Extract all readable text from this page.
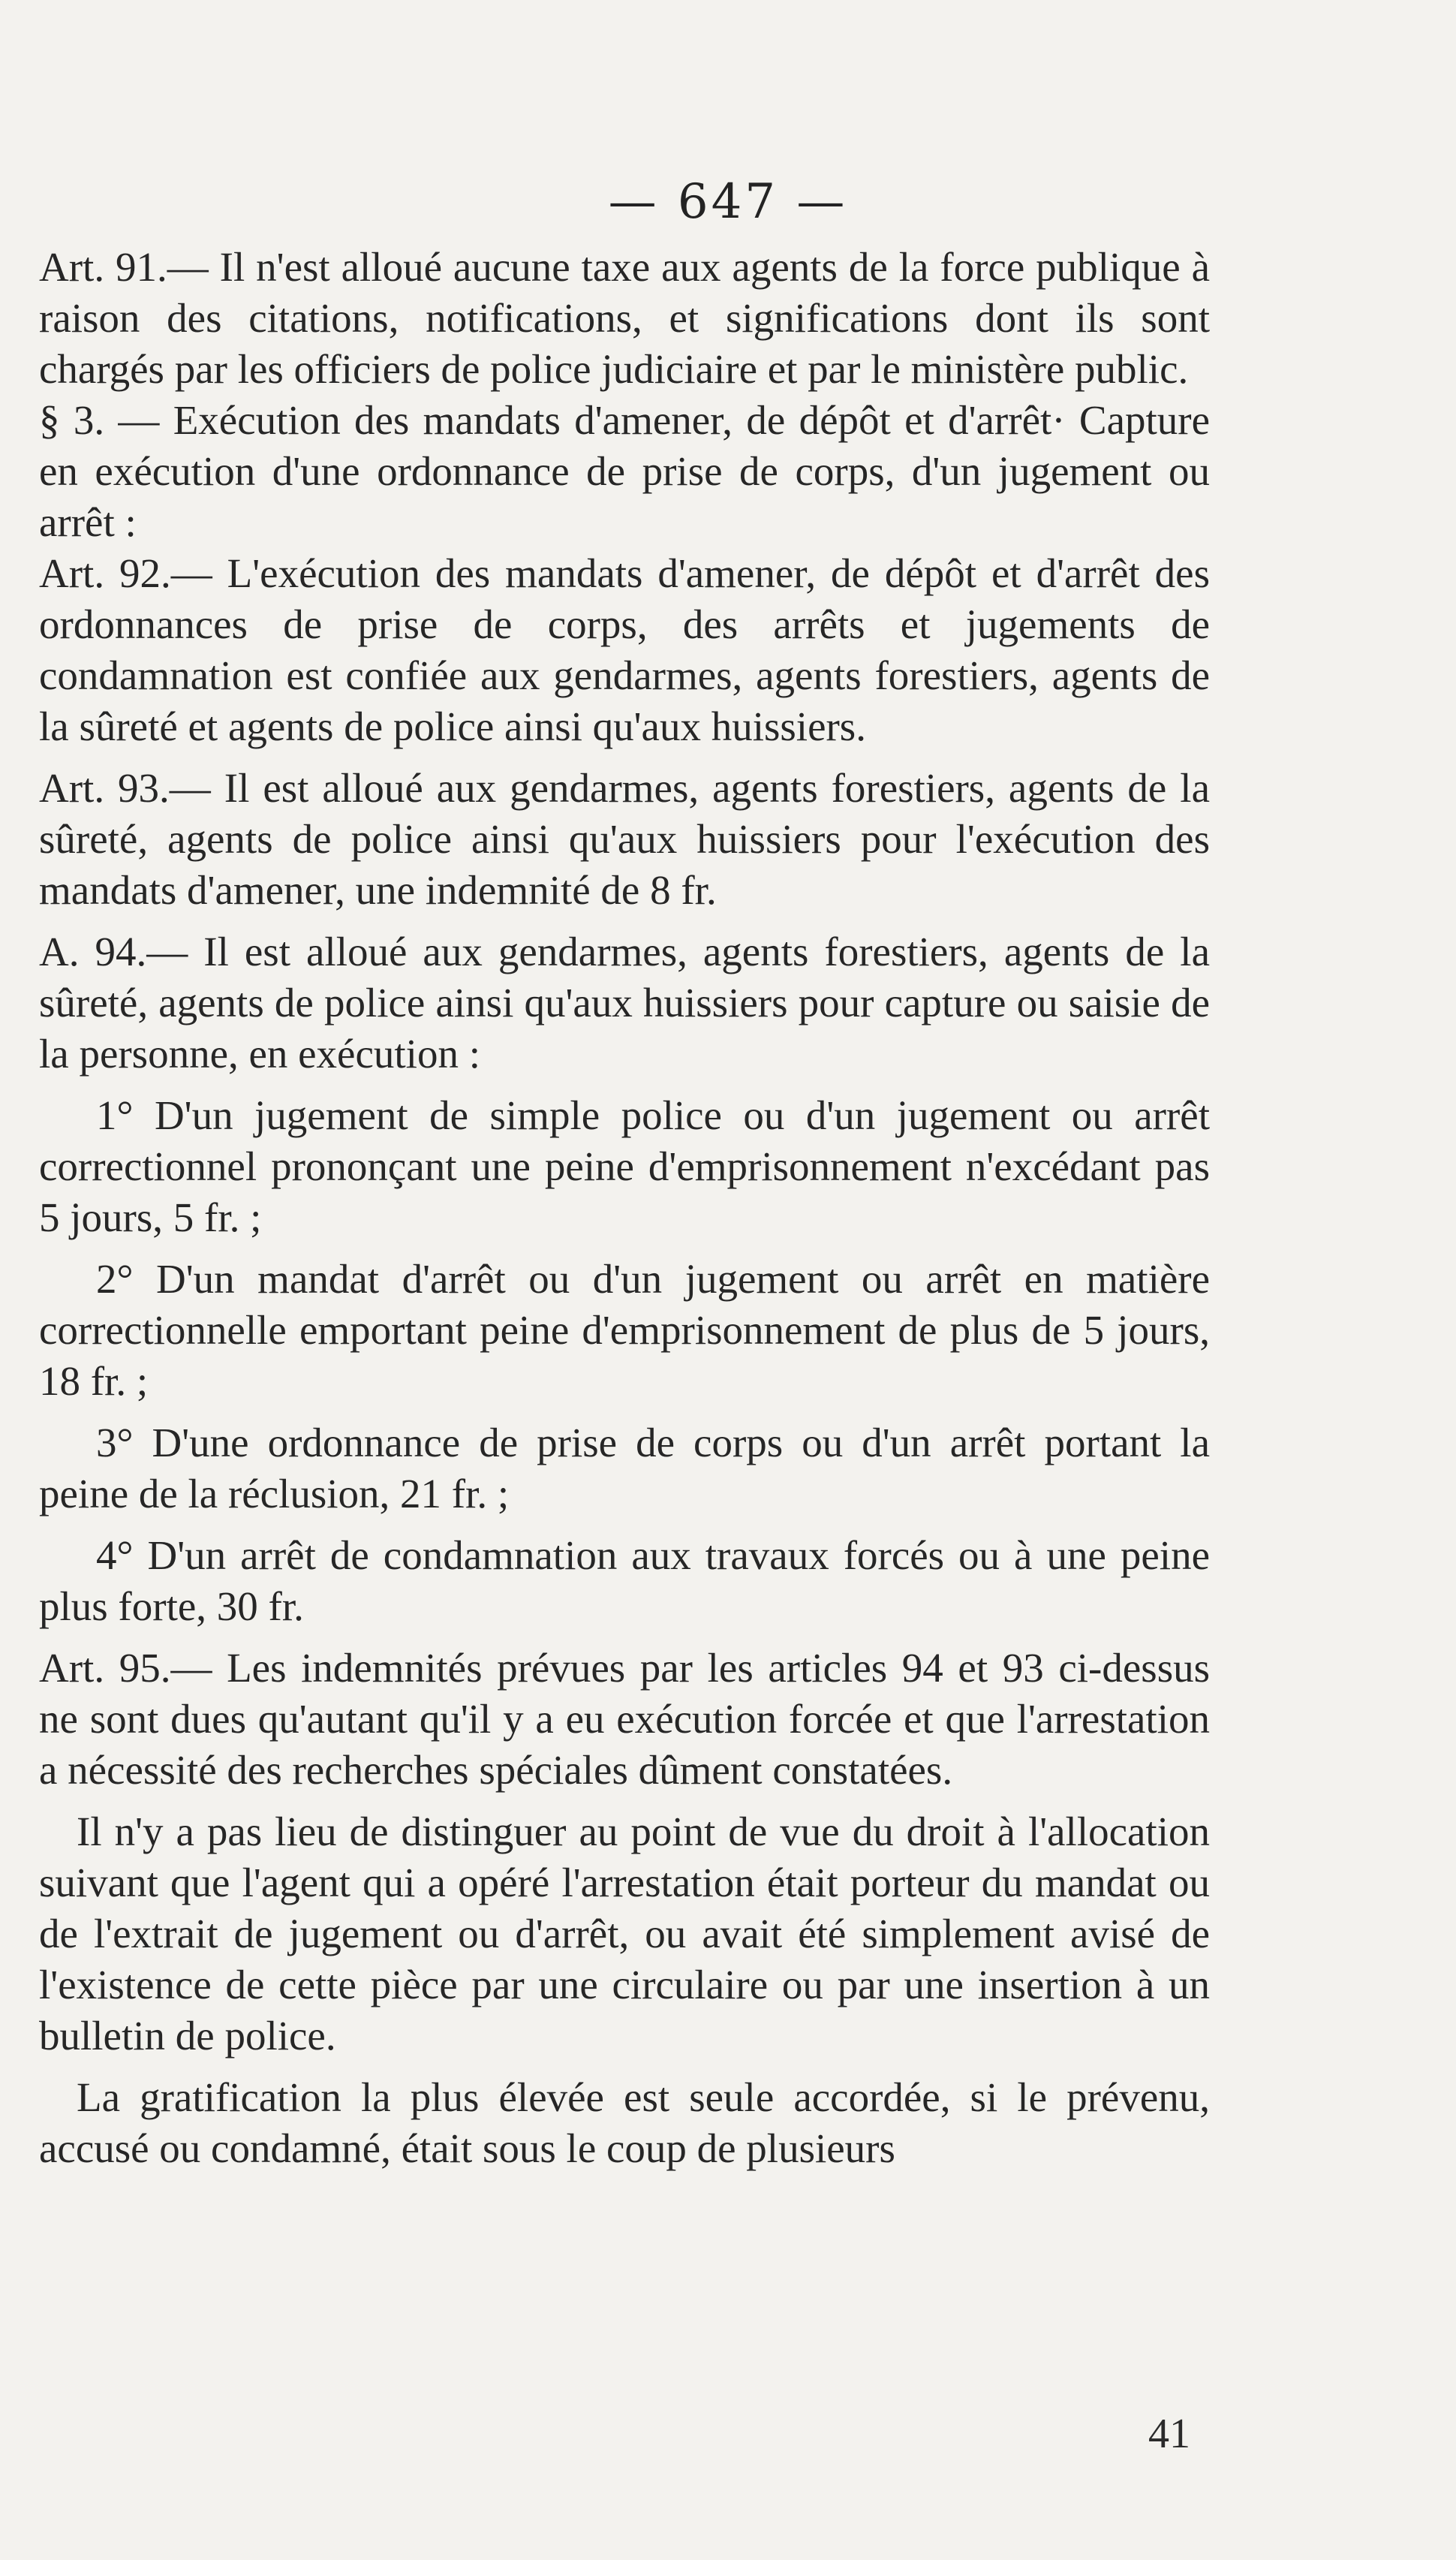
— 647 —

Art. 91.— Il n'est alloué aucune taxe aux agents de la force publique à raison des citations, notifications, et significations dont ils sont chargés par les officiers de police judiciaire et par le ministère public.

§ 3. — Exécution des mandats d'amener, de dépôt et d'arrêt· Capture en exécution d'une ordonnance de prise de corps, d'un jugement ou arrêt :

Art. 92.— L'exécution des mandats d'amener, de dépôt et d'arrêt des ordonnances de prise de corps, des arrêts et jugements de condamnation est confiée aux gendarmes, agents forestiers, agents de la sûreté et agents de police ainsi qu'aux huissiers.

Art. 93.— Il est alloué aux gendarmes, agents forestiers, agents de la sûreté, agents de police ainsi qu'aux huissiers pour l'exécution des mandats d'amener, une indemnité de 8 fr.

A. 94.— Il est alloué aux gendarmes, agents forestiers, agents de la sûreté, agents de police ainsi qu'aux huissiers pour capture ou saisie de la personne, en exécution :

1° D'un jugement de simple police ou d'un jugement ou arrêt correctionnel prononçant une peine d'emprisonnement n'excédant pas 5 jours, 5 fr. ;

2° D'un mandat d'arrêt ou d'un jugement ou arrêt en matière correctionnelle emportant peine d'emprisonnement de plus de 5 jours, 18 fr. ;

3° D'une ordonnance de prise de corps ou d'un arrêt portant la peine de la réclusion, 21 fr. ;

4° D'un arrêt de condamnation aux travaux forcés ou à une peine plus forte, 30 fr.

Art. 95.— Les indemnités prévues par les articles 94 et 93 ci-dessus ne sont dues qu'autant qu'il y a eu exécution forcée et que l'arrestation a nécessité des recherches spéciales dûment constatées.

Il n'y a pas lieu de distinguer au point de vue du droit à l'allocation suivant que l'agent qui a opéré l'arrestation était porteur du mandat ou de l'extrait de jugement ou d'arrêt, ou avait été simplement avisé de l'existence de cette pièce par une circulaire ou par une insertion à un bulletin de police.

La gratification la plus élevée est seule accordée, si le prévenu, accusé ou condamné, était sous le coup de plusieurs

41
